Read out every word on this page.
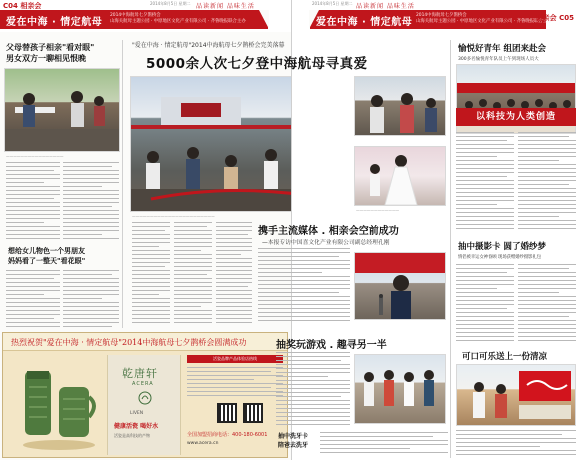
C04 相亲会	2014年8月5日 星期二 品读新闻 品味生活
爱在中海 · 情定航母
2014中海航母七夕鹊桥会
山海关航母主题公园 · 中原地区文化产业有限公司 · 齐鲁晚报联合主办
父母替孩子相亲"看对眼"
男女双方一聊相见恨晚
————————————————
想给女儿物色一个男朋友
妈妈看了一整天"看花眼"
"爱在中海 · 情定航母"2014中海航母七夕鹊桥会完美落幕
———————————————————————
热烈祝贺"爱在中海 · 情定航母"2014中海航母七夕鹊桥会圆满成功
乾唐轩
ACERA
LIVEN
健康活瓷 喝好水
活瓷是高科技的产物
活瓷品牌产品体验店热线
全国加盟招商电话：400-180-6001
www.acera.cn
5000余人次七夕登中海航母寻真爱
携手主流媒体 . 相亲会空前成功
—本报专访中国喜文化产业有限公司副总经理孔刚
抽奖玩游戏 . 趣寻另一半
2014年8月5日 星期二 品读新闻 品味生活
爱在中海 · 情定航母
2014中海航母七夕鹊桥会
山海关航母主题公园 · 中原地区文化产业有限公司 · 齐鲁晚报联合主办
相亲会 C05
————————————
抽中洗牙卡
陪爸去洗牙
愉悦好青年 组团来赴会
300多名愉悦青年队员上午到现场人员大
以科技为人类创造
抽中摄影卡 圆了婚纱梦
情侣被幸运女神眷顾 现场获赠婚纱摄影礼包
可口可乐送上一份清凉
